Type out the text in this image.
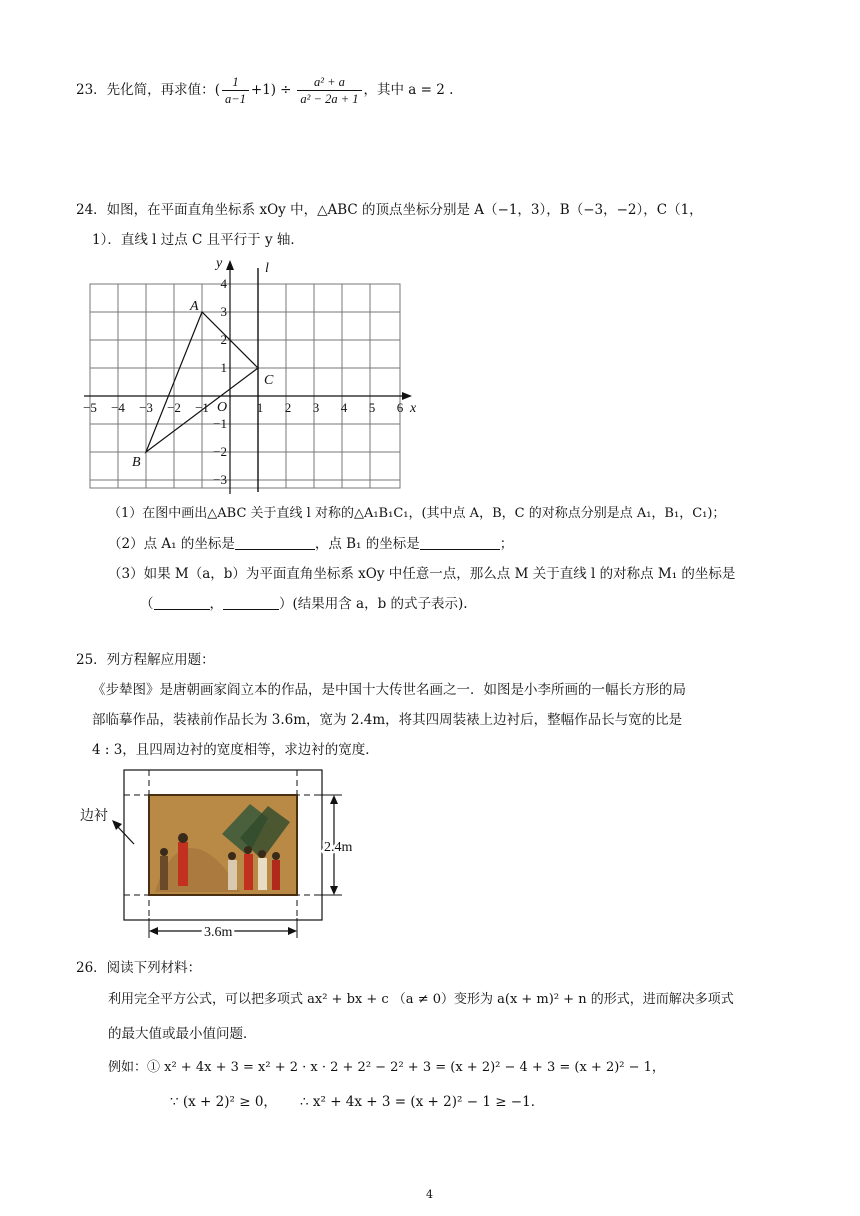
23．先化简，再求值：( $\frac{1}{a-1} +1) \div \frac{\text{a² + a}}{\text{a² − 2a + 1}}$ ，其中 a = 2 .
24．如图，在平面直角坐标系 xOy 中，△ABC 的顶点坐标分别是 A（−1，3），B（−3，−2），C（1，
1）．直线 l 过点 C 且平行于 y 轴．
−5 −4 −3 −2 −1	1 2 3 4 5 6
4
3
2
1
−1
−2
−3
O	x
y	l
A
B
C
（1）在图中画出△ABC 关于直线 l 对称的△A₁B₁C₁，(其中点 A，B，C 的对称点分别是点 A₁，B₁，C₁)；
（2）点 A₁ 的坐标是	，点 B₁ 的坐标是	；
（3）如果 M（a，b）为平面直角坐标系 xOy 中任意一点，那么点 M 关于直线 l 的对称点 M₁ 的坐标是
（	，	）(结果用含 a，b 的式子表示).
25．列方程解应用题：
《步辇图》是唐朝画家阎立本的作品，是中国十大传世名画之一．如图是小李所画的一幅长方形的局
部临摹作品，装裱前作品长为 3.6m，宽为 2.4m，将其四周装裱上边衬后，整幅作品长与宽的比是
4 : 3，且四周边衬的宽度相等，求边衬的宽度．
边衬
2.4m
3.6m
26．阅读下列材料：
利用完全平方公式，可以把多项式 ax² + bx + c （a ≠ 0）变形为 a(x + m)² + n 的形式，进而解决多项式
的最大值或最小值问题．
例如：① x² + 4x + 3 = x² + 2 · x · 2 + 2² − 2² + 3 = (x + 2)² − 4 + 3 = (x + 2)² − 1，
∵ (x + 2)² ≥ 0， ∴ x² + 4x + 3 = (x + 2)² − 1 ≥ −1．
4
